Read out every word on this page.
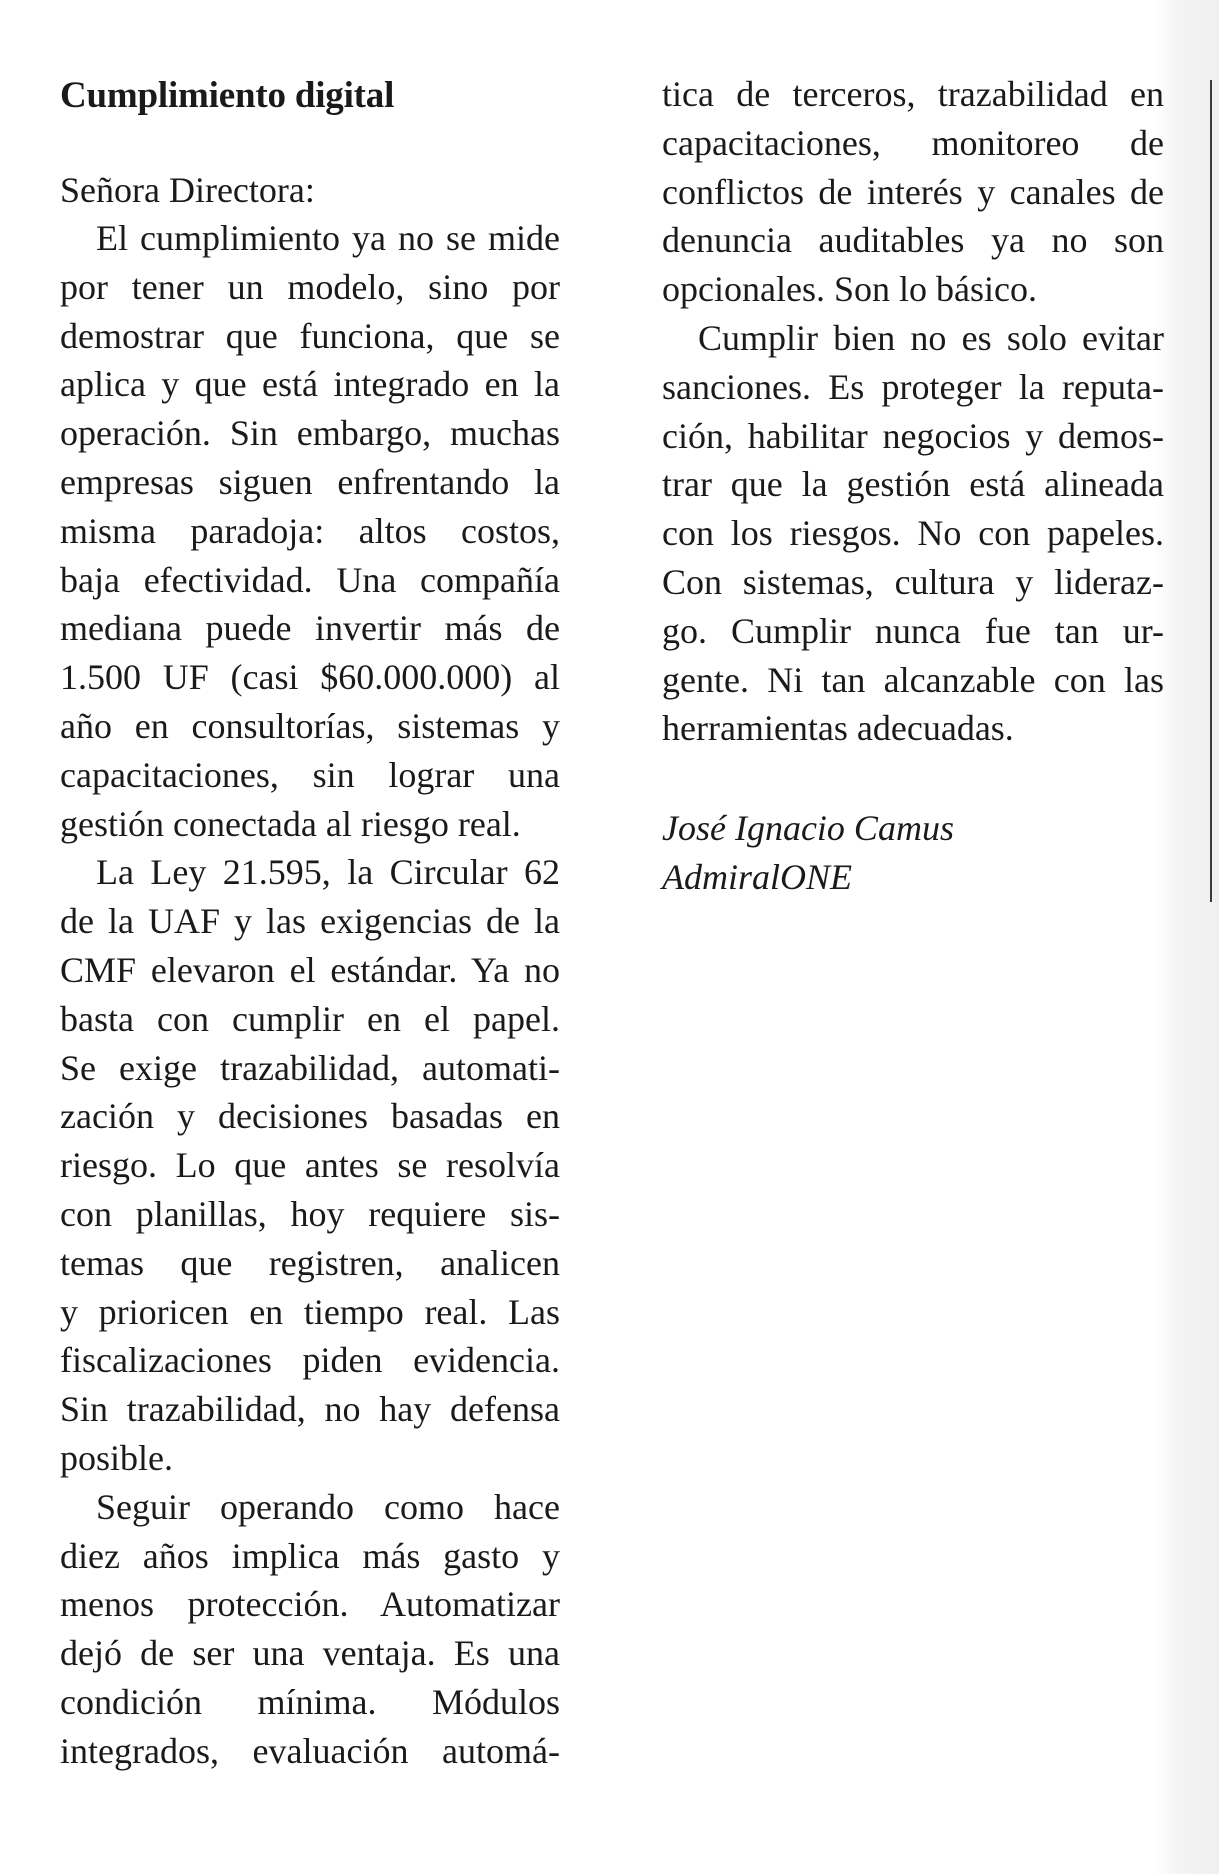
Cumplimiento digital
Señora Directora:
El cumplimiento ya no se mide
por tener un modelo, sino por
demostrar que funciona, que se
aplica y que está integrado en la
operación. Sin embargo, muchas
empresas siguen enfrentando la
misma paradoja: altos costos,
baja efectividad. Una compañía
mediana puede invertir más de
1.500 UF (casi $60.000.000) al
año en consultorías, sistemas y
capacitaciones, sin lograr una
gestión conectada al riesgo real.
La Ley 21.595, la Circular 62
de la UAF y las exigencias de la
CMF elevaron el estándar. Ya no
basta con cumplir en el papel.
Se exige trazabilidad, automati-
zación y decisiones basadas en
riesgo. Lo que antes se resolvía
con planillas, hoy requiere sis-
temas que registren, analicen
y prioricen en tiempo real. Las
fiscalizaciones piden evidencia.
Sin trazabilidad, no hay defensa
posible.
Seguir operando como hace
diez años implica más gasto y
menos protección. Automatizar
dejó de ser una ventaja. Es una
condición mínima. Módulos
integrados, evaluación automá-
tica de terceros, trazabilidad en
capacitaciones, monitoreo de
conflictos de interés y canales de
denuncia auditables ya no son
opcionales. Son lo básico.
Cumplir bien no es solo evitar
sanciones. Es proteger la reputa-
ción, habilitar negocios y demos-
trar que la gestión está alineada
con los riesgos. No con papeles.
Con sistemas, cultura y lideraz-
go. Cumplir nunca fue tan ur-
gente. Ni tan alcanzable con las
herramientas adecuadas.
José Ignacio Camus
AdmiralONE
